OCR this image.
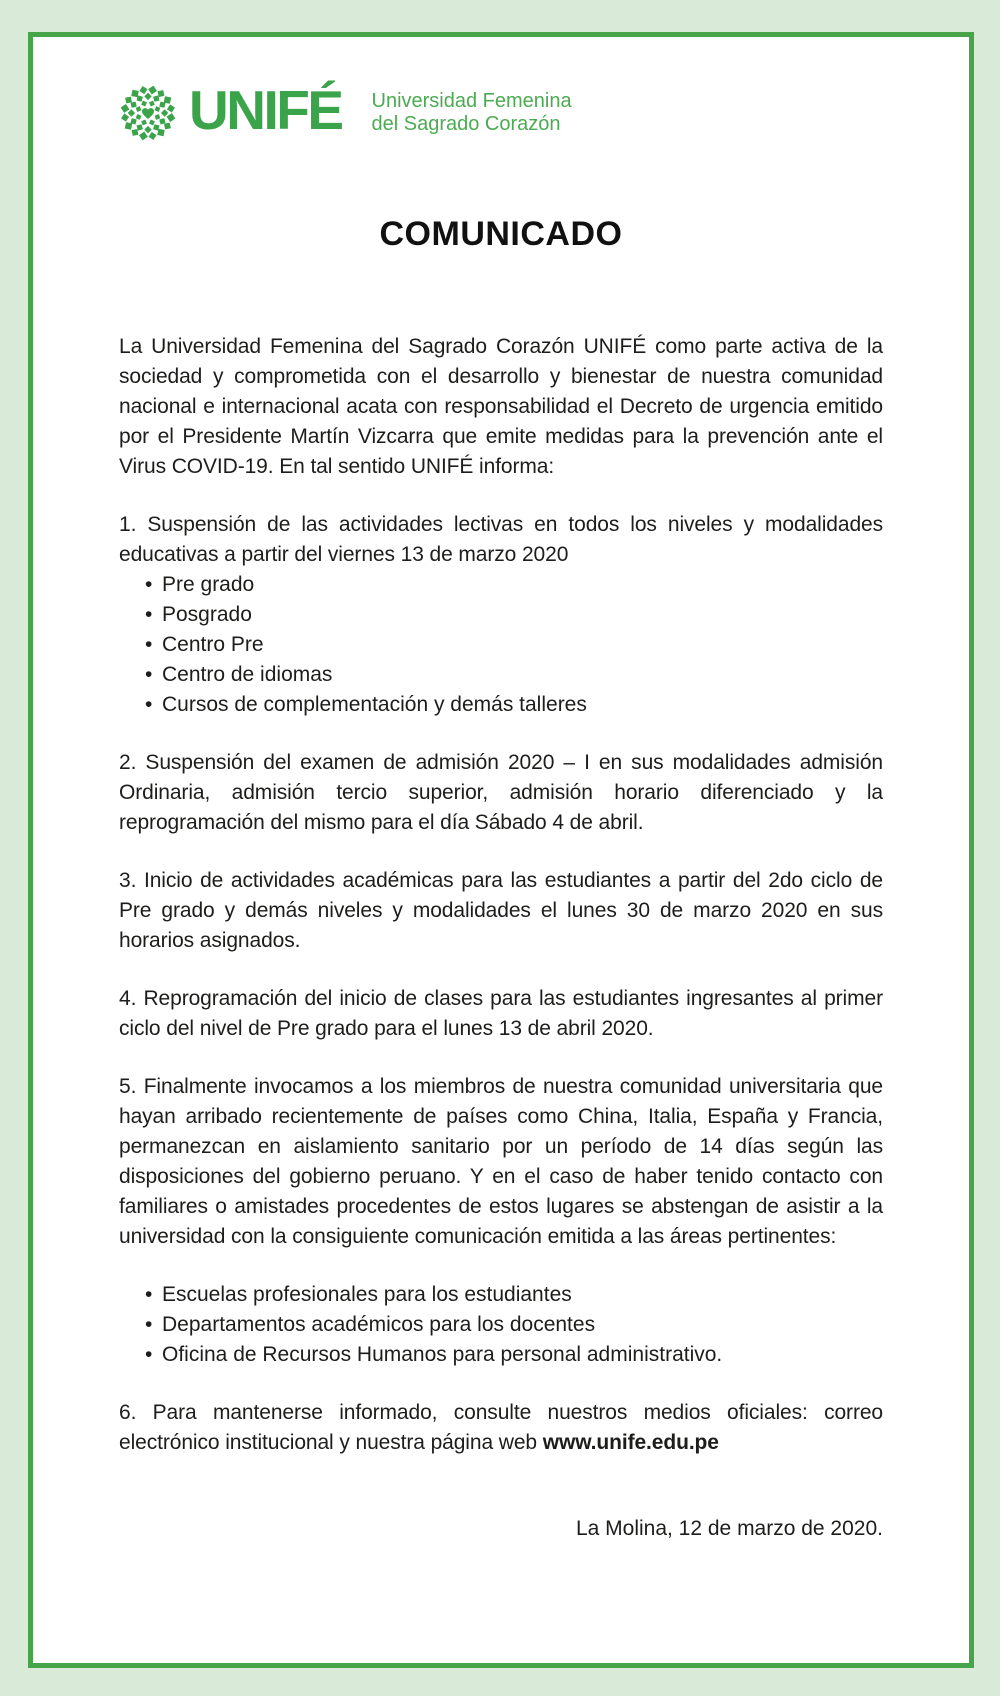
UNIFÉ Universidad Femenina
del Sagrado Corazón
COMUNICADO

La Universidad Femenina del Sagrado Corazón UNIFÉ como parte activa de la sociedad y comprometida con el desarrollo y bienestar de nuestra comunidad nacional e internacional acata con responsabilidad el Decreto de urgencia emitido por el Presidente Martín Vizcarra que emite medidas para la prevención ante el Virus COVID-19. En tal sentido UNIFÉ informa:

1. Suspensión de las actividades lectivas en todos los niveles y modalidades educativas a partir del viernes 13 de marzo 2020

• Pre grado
• Posgrado
• Centro Pre
• Centro de idiomas
• Cursos de complementación y demás talleres

2. Suspensión del examen de admisión 2020 – I en sus modalidades admisión Ordinaria, admisión tercio superior, admisión horario diferenciado y la reprogramación del mismo para el día Sábado 4 de abril.

3. Inicio de actividades académicas para las estudiantes a partir del 2do ciclo de Pre grado y demás niveles y modalidades el lunes 30 de marzo 2020 en sus horarios asignados.

4. Reprogramación del inicio de clases para las estudiantes ingresantes al primer ciclo del nivel de Pre grado para el lunes 13 de abril 2020.

5. Finalmente invocamos a los miembros de nuestra comunidad universitaria que hayan arribado recientemente de países como China, Italia, España y Francia, permanezcan en aislamiento sanitario por un período de 14 días según las disposiciones del gobierno peruano. Y en el caso de haber tenido contacto con familiares o amistades procedentes de estos lugares se abstengan de asistir a la universidad con la consiguiente comunicación emitida a las áreas pertinentes:

• Escuelas profesionales para los estudiantes
• Departamentos académicos para los docentes
• Oficina de Recursos Humanos para personal administrativo.

6. Para mantenerse informado, consulte nuestros medios oficiales: correo electrónico institucional y nuestra página web www.unife.edu.pe

La Molina, 12 de marzo de 2020.
